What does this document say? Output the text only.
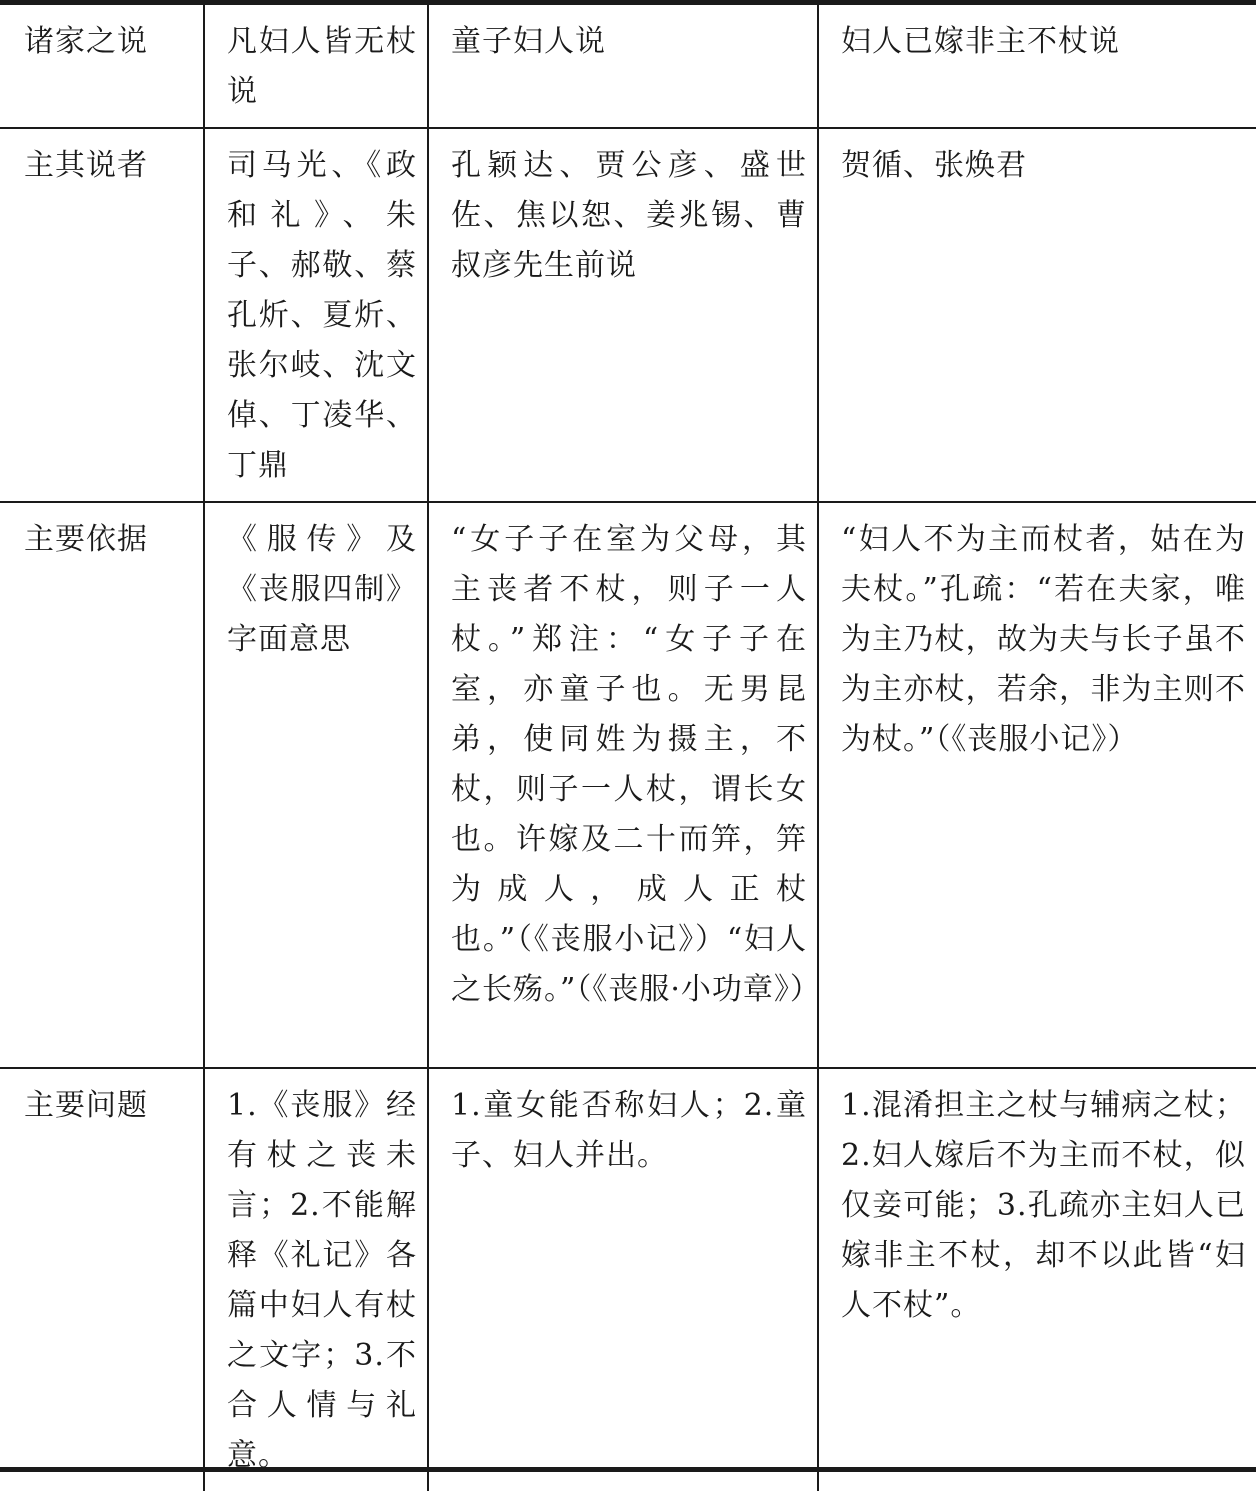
诸家之说	凡妇人皆无杖说	童子妇人说	妇人已嫁非主不杖说
主其说者	司马光、《政和礼》、朱子、郝敬、蔡孔炘、夏炘、张尔岐、沈文倬、丁凌华、丁鼎	孔颖达、贾公彦、盛世佐、焦以恕、姜兆锡、曹叔彦先生前说	贺循、张焕君
主要依据	《服传》及《丧服四制》字面意思	“女子子在室为父母，其主丧者不杖，则子一人杖。”郑注：“女子子在室，亦童子也。无男昆弟，使同姓为摄主，不杖，则子一人杖，谓长女也。许嫁及二十而笄，笄为成人，成人正杖也。”（《丧服小记》）“妇人之长殇。”（《丧服·小功章》）	“妇人不为主而杖者，姑在为夫杖。”孔疏：“若在夫家，唯为主乃杖，故为夫与长子虽不为主亦杖，若余，非为主则不为杖。”（《丧服小记》）
主要问题	1.《丧服》经有杖之丧未言；2.不能解释《礼记》各篇中妇人有杖之文字；3.不合人情与礼意。	1.童女能否称妇人；2.童子、妇人并出。	1.混淆担主之杖与辅病之杖；2.妇人嫁后不为主而不杖，似仅妾可能；3.孔疏亦主妇人已嫁非主不杖，却不以此皆“妇人不杖”。
